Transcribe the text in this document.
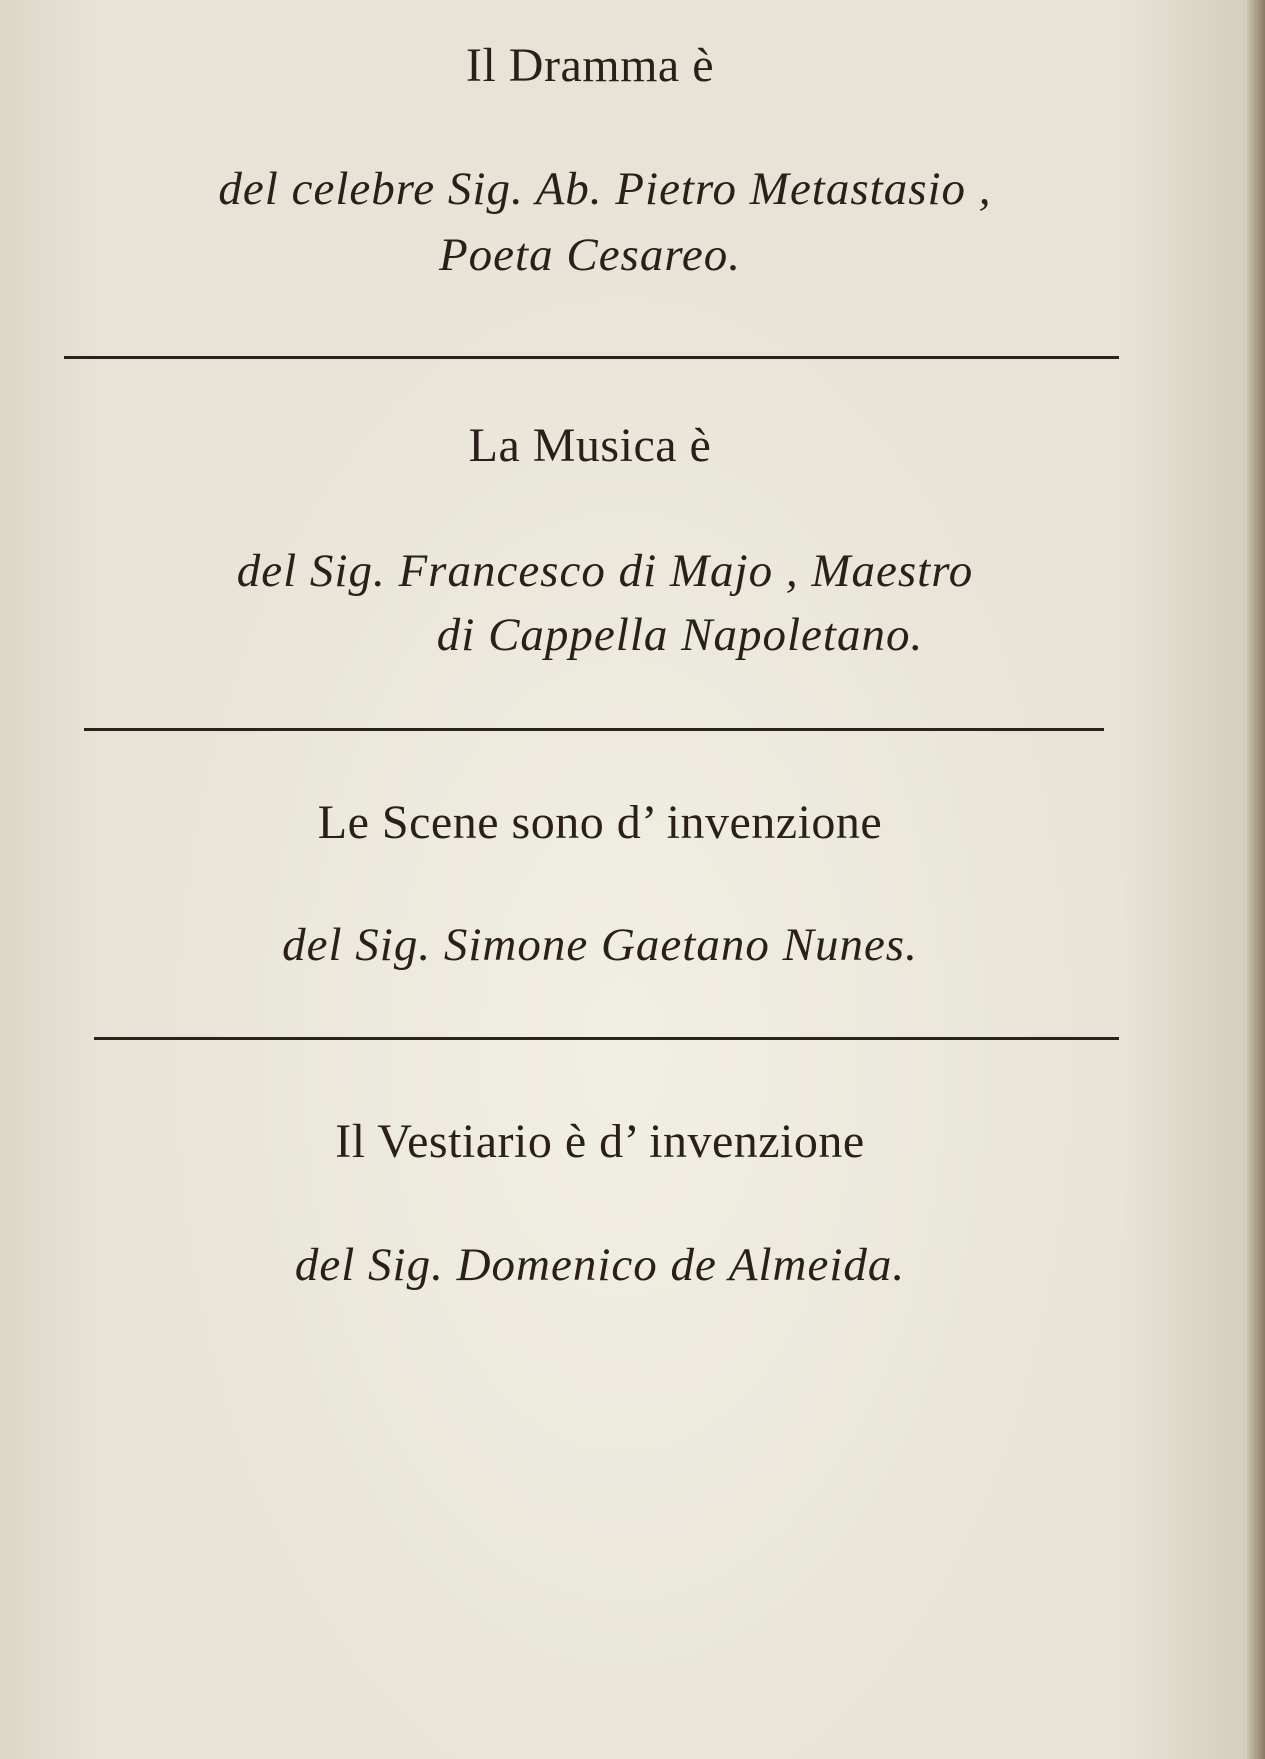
Il Dramma è
del celebre Sig. Ab. Pietro Metastasio ,
Poeta Cesareo.
La Musica è
del Sig. Francesco di Majo , Maestro
di Cappella Napoletano.
Le Scene sono d’ invenzione
del Sig. Simone Gaetano Nunes.
Il Vestiario è d’ invenzione
del Sig. Domenico de Almeida.
